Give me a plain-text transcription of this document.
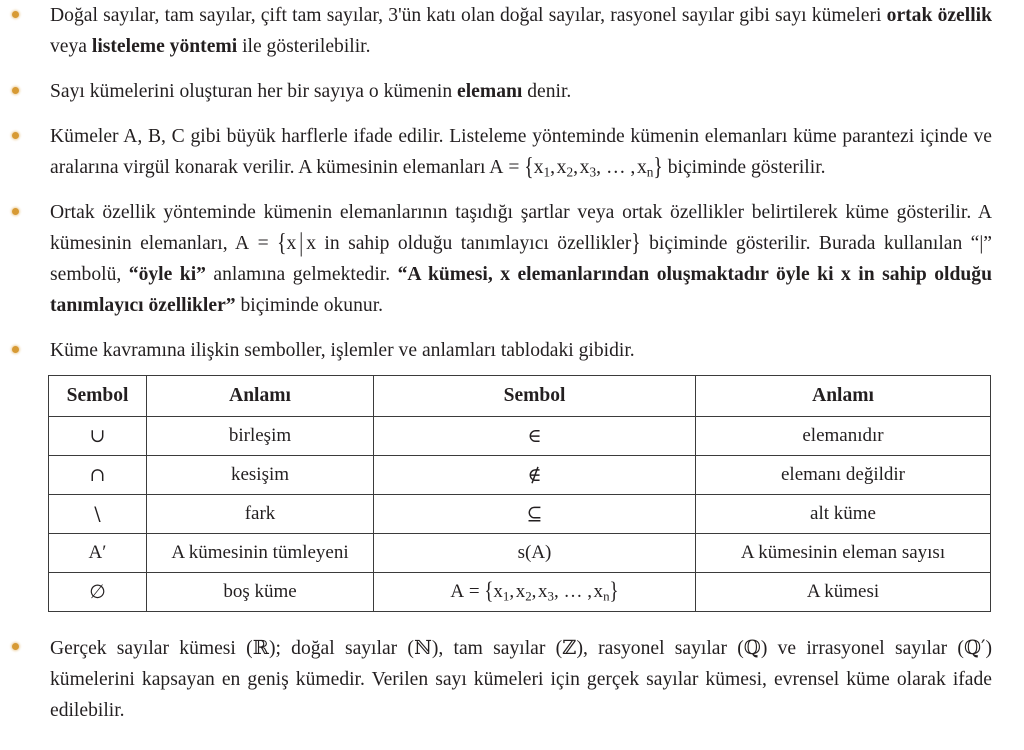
Doğal sayılar, tam sayılar, çift tam sayılar, 3'ün katı olan doğal sayılar, rasyonel sayılar gibi sayı kümeleri ortak özellik veya listeleme yöntemi ile gösterilebilir.

Sayı kümelerini oluşturan her bir sayıya o kümenin elemanı denir.

Kümeler A, B, C gibi büyük harflerle ifade edilir. Listeleme yönteminde kümenin elemanları küme parantezi içinde ve aralarına virgül konarak verilir. A kümesinin elemanları $A = \{x_1$, $x_2$, $x_3$, … , $x_n$} biçiminde gösterilir.

Ortak özellik yönteminde kümenin elemanlarının taşıdığı şartlar veya ortak özellikler belirtilerek küme gösterilir. A kümesinin elemanları, A = {x | x in sahip olduğu tanımlayıcı özellikler} biçiminde gösterilir. Burada kullanılan “|” sembolü, “öyle ki” anlamına gelmektedir. “A kümesi, x elemanlarından oluşmaktadır öyle ki x in sahip olduğu tanımlayıcı özellikler” biçiminde okunur.

Küme kavramına ilişkin semboller, işlemler ve anlamları tablodaki gibidir.

Sembol	Anlamı	Sembol	Anlamı
∪	birleşim	∈	elemanıdır
∩	kesişim	∉	elemanı değildir
\	fark	⊆	alt küme
A′	A kümesinin tümleyeni	s(A)	A kümesinin eleman sayısı
∅	boş küme	$A = \{x_1$, $x_2$, $x_3$, … , $x_n$}	A kümesi

Gerçek sayılar kümesi (ℝ); doğal sayılar (ℕ), tam sayılar (ℤ), rasyonel sayılar (ℚ) ve irrasyonel sayılar (ℚ′) kümelerini kapsayan en geniş kümedir. Verilen sayı kümeleri için gerçek sayılar kümesi, evrensel küme olarak ifade edilebilir.
